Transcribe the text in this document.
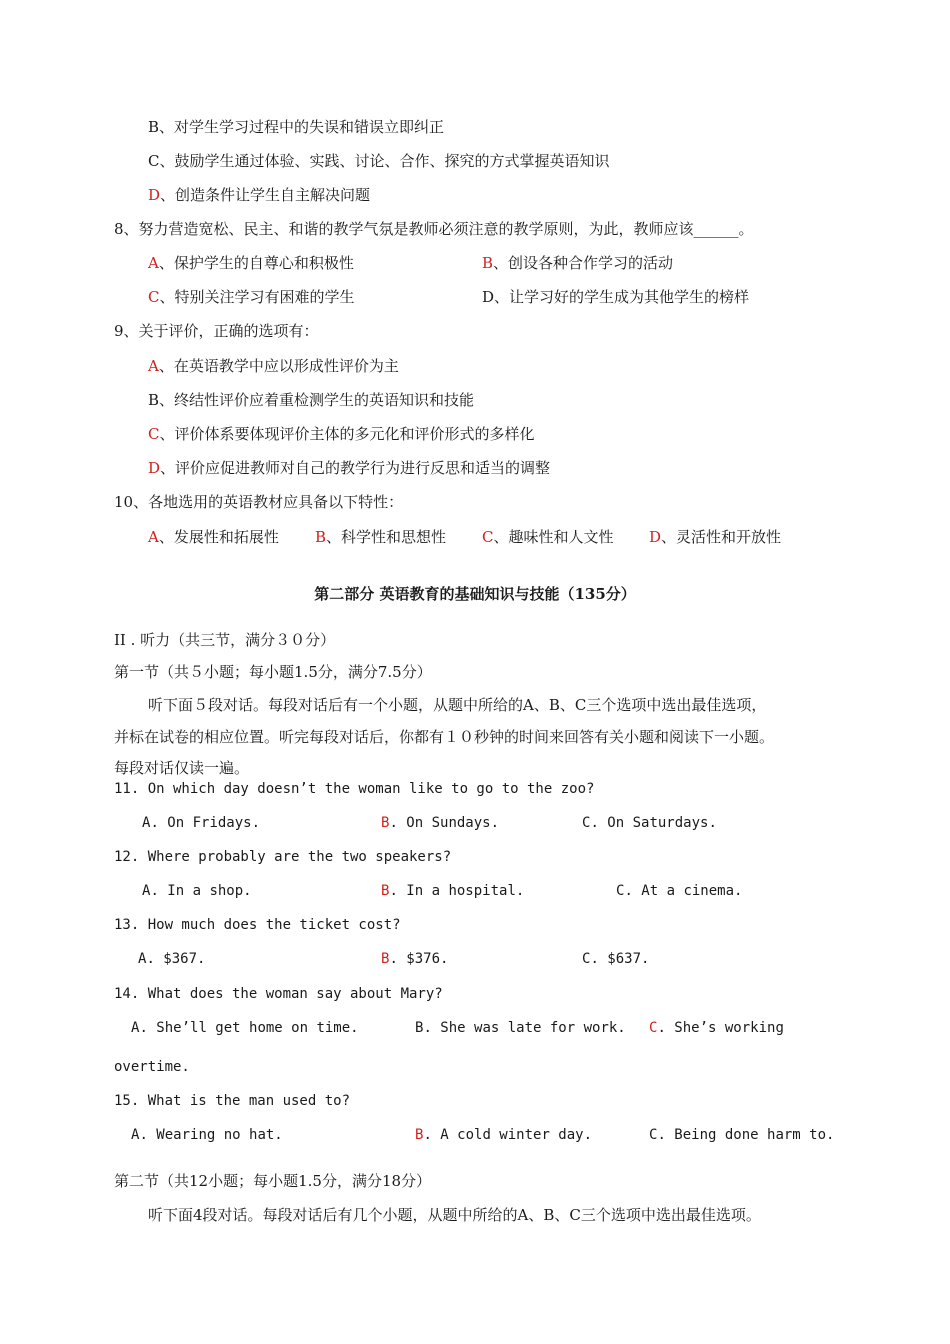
B、对学生学习过程中的失误和错误立即纠正
C、鼓励学生通过体验、实践、讨论、合作、探究的方式掌握英语知识
D、创造条件让学生自主解决问题
8、努力营造宽松、民主、和谐的教学气氛是教师必须注意的教学原则，为此，教师应该______。
A、保护学生的自尊心和积极性	B、创设各种合作学习的活动
C、特别关注学习有困难的学生	D、让学习好的学生成为其他学生的榜样
9、关于评价，正确的选项有：
A、在英语教学中应以形成性评价为主
B、终结性评价应着重检测学生的英语知识和技能
C、评价体系要体现评价主体的多元化和评价形式的多样化
D、评价应促进教师对自己的教学行为进行反思和适当的调整
10、各地选用的英语教材应具备以下特性：
A、发展性和拓展性 B、科学性和思想性 C、趣味性和人文性 D、灵活性和开放性
第二部分 英语教育的基础知识与技能（135分）
II . 听力（共三节，满分３０分）
第一节（共５小题；每小题1.5分，满分7.5分）
听下面５段对话。每段对话后有一个小题，从题中所给的A、B、C三个选项中选出最佳选项，
并标在试卷的相应位置。听完每段对话后，你都有１０秒钟的时间来回答有关小题和阅读下一小题。
每段对话仅读一遍。
11. On which day doesn’t the woman like to go to the zoo?
A. On Fridays.	B. On Sundays.	C. On Saturdays.
12. Where probably are the two speakers?
A. In a shop.	B. In a hospital.	C. At a cinema.
13. How much does the ticket cost?
A. $367.	B. $376.	C. $637.
14. What does the woman say about Mary?
A. She’ll get home on time.	B. She was late for work. C. She’s working
overtime.
15. What is the man used to?
A. Wearing no hat.	B. A cold winter day.	C. Being done harm to.
第二节（共12小题；每小题1.5分，满分18分）
听下面4段对话。每段对话后有几个小题，从题中所给的A、B、C三个选项中选出最佳选项。
